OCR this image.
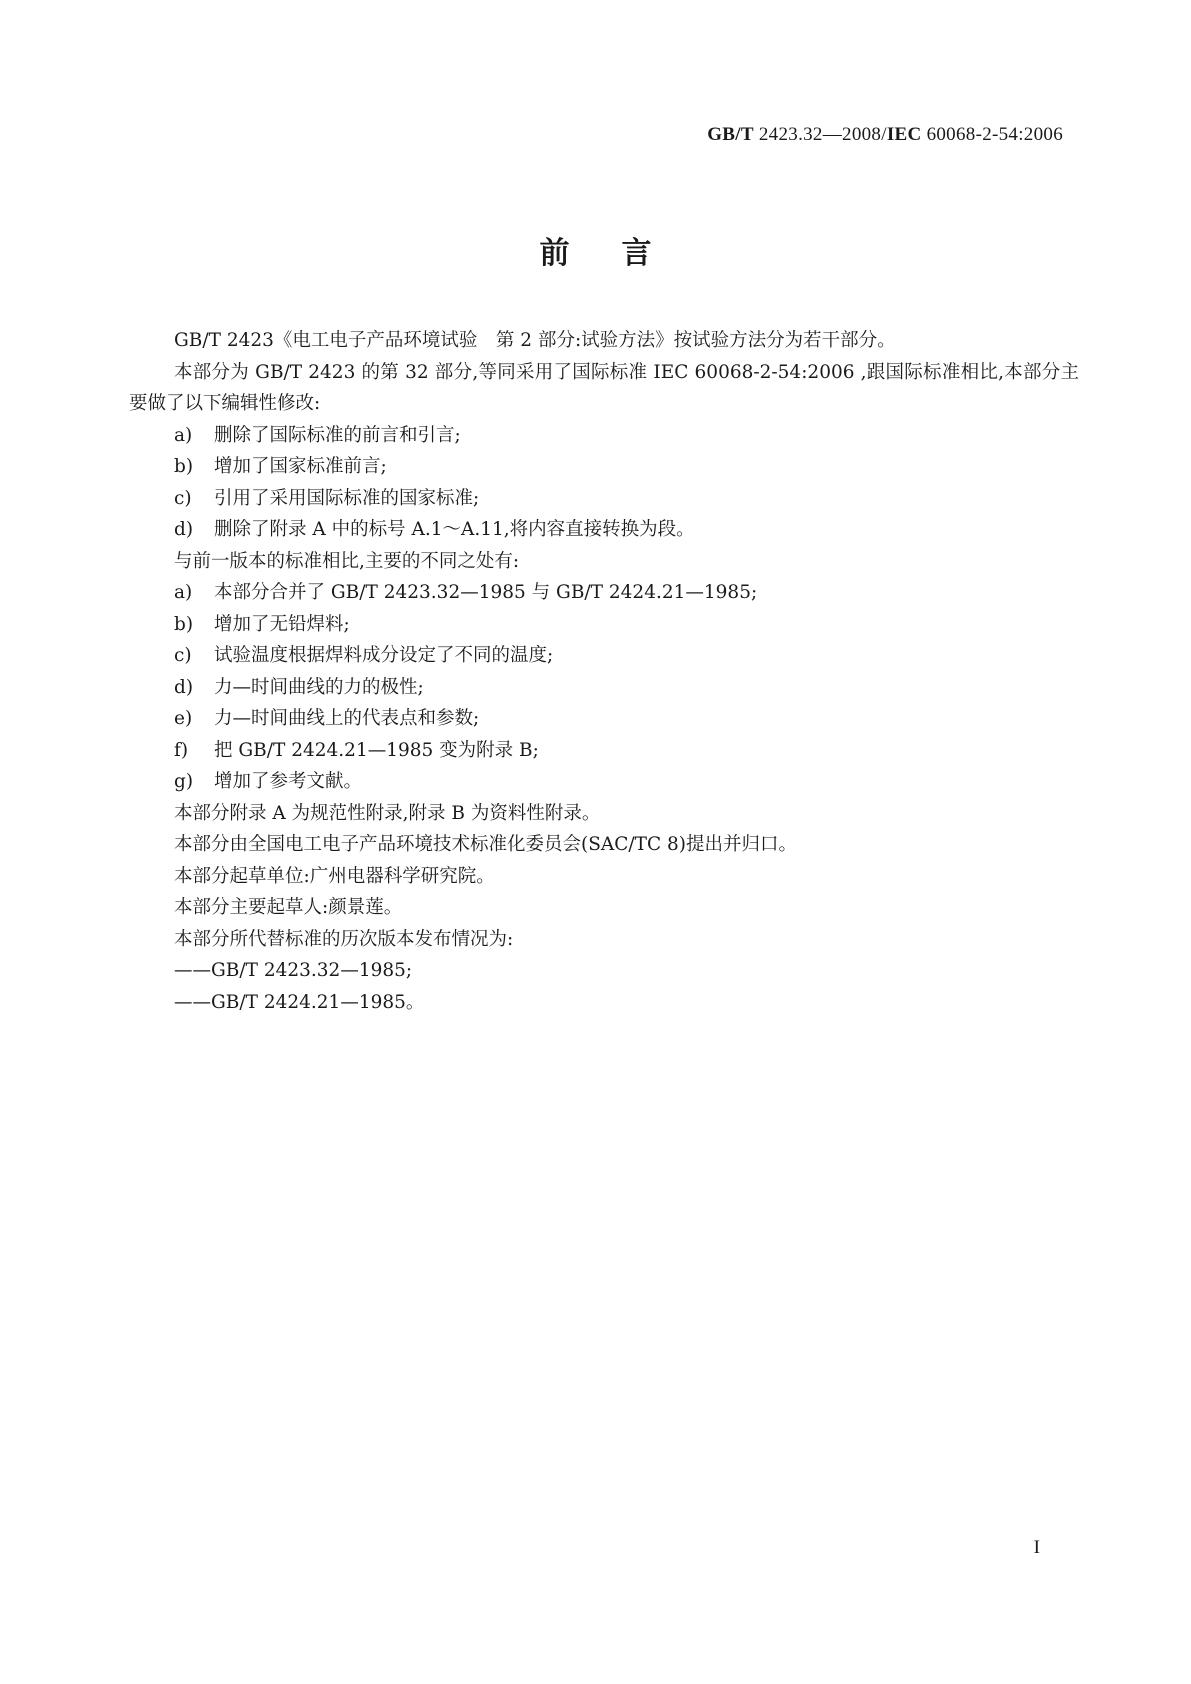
GB/T 2423.32—2008/IEC 60068-2-54:2006
前言

GB/T 2423《电工电子产品环境试验　第 2 部分:试验方法》按试验方法分为若干部分。

本部分为 GB/T 2423 的第 32 部分,等同采用了国际标准 IEC 60068-2-54:2006 ,跟国际标准相比,本部分主要做了以下编辑性修改:

a) 删除了国际标准的前言和引言;

b) 增加了国家标准前言;

c) 引用了采用国际标准的国家标准;

d) 删除了附录 A 中的标号 A.1～A.11,将内容直接转换为段。

与前一版本的标准相比,主要的不同之处有:

a) 本部分合并了 GB/T 2423.32—1985 与 GB/T 2424.21—1985;

b) 增加了无铅焊料;

c) 试验温度根据焊料成分设定了不同的温度;

d) 力—时间曲线的力的极性;

e) 力—时间曲线上的代表点和参数;

f) 把 GB/T 2424.21—1985 变为附录 B;

g) 增加了参考文献。

本部分附录 A 为规范性附录,附录 B 为资料性附录。

本部分由全国电工电子产品环境技术标准化委员会(SAC/TC 8)提出并归口。

本部分起草单位:广州电器科学研究院。

本部分主要起草人:颜景莲。

本部分所代替标准的历次版本发布情况为:

——GB/T 2423.32—1985;

——GB/T 2424.21—1985。

I
